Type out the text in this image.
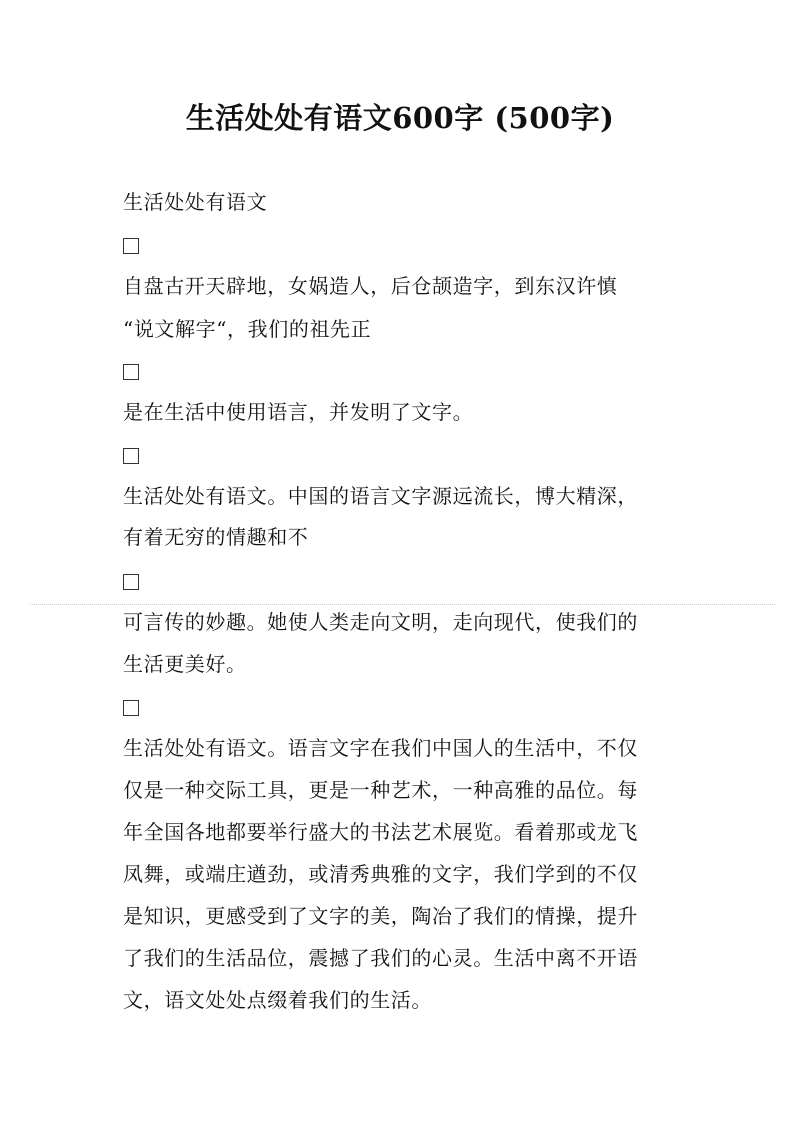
生活处处有语文600字 (500字)
生活处处有语文
自盘古开天辟地，女娲造人，后仓颉造字，到东汉许慎
“说文解字“，我们的祖先正
是在生活中使用语言，并发明了文字。
生活处处有语文。中国的语言文字源远流长，博大精深，
有着无穷的情趣和不
可言传的妙趣。她使人类走向文明，走向现代，使我们的
生活更美好。
生活处处有语文。语言文字在我们中国人的生活中，不仅
仅是一种交际工具，更是一种艺术，一种高雅的品位。每
年全国各地都要举行盛大的书法艺术展览。看着那或龙飞
凤舞，或端庄遒劲，或清秀典雅的文字，我们学到的不仅
是知识，更感受到了文字的美，陶冶了我们的情操，提升
了我们的生活品位，震撼了我们的心灵。生活中离不开语
文，语文处处点缀着我们的生活。
